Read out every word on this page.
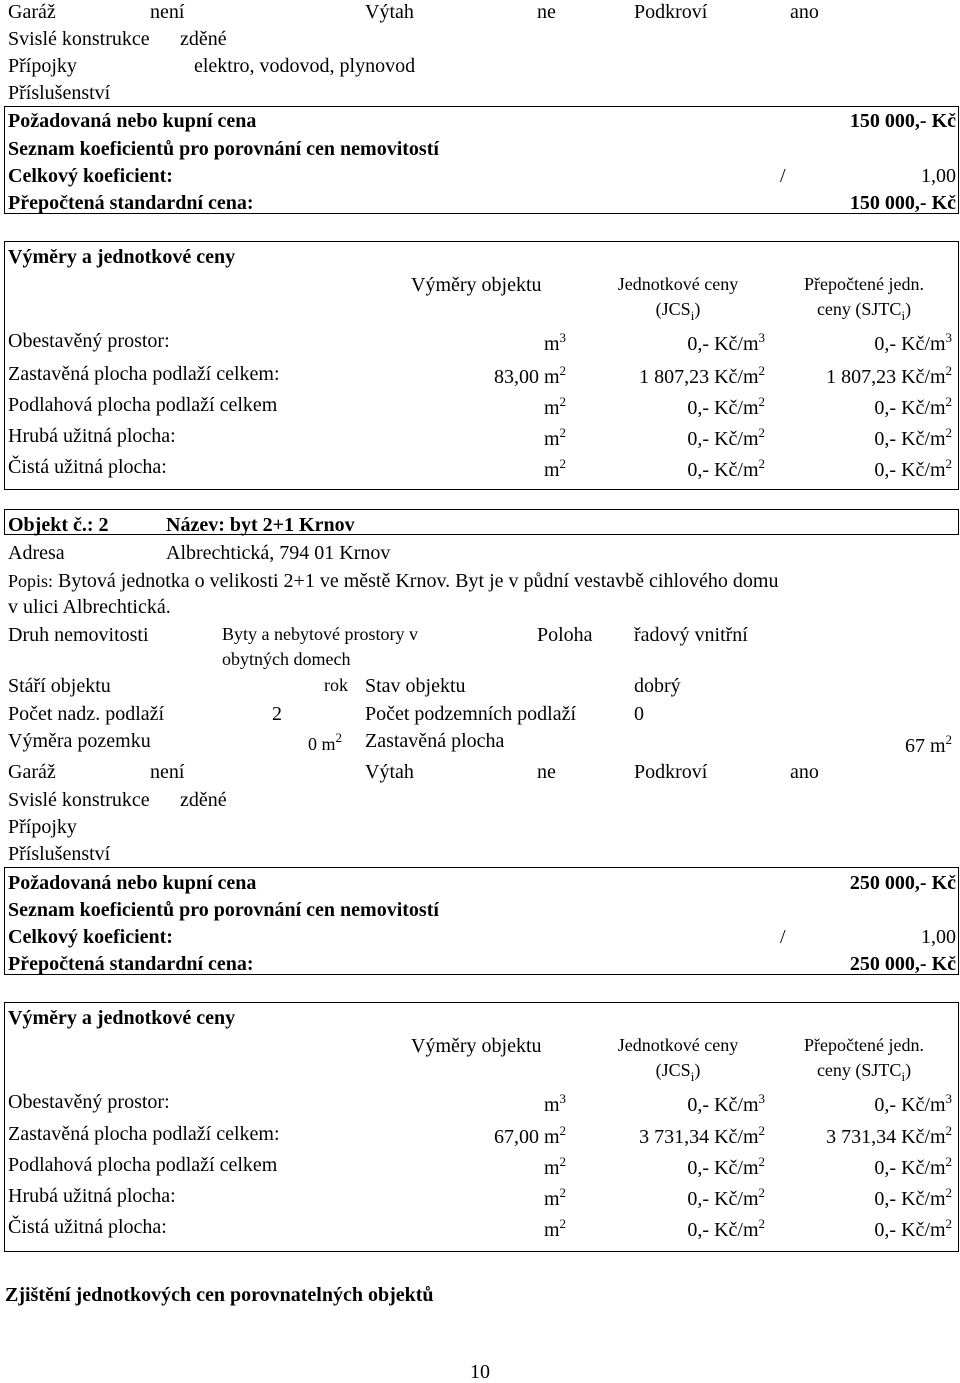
Garáž	není	Výtah	ne	Podkroví	ano
Svislé konstrukce zděné
Přípojky	elektro, vodovod, plynovod
Příslušenství
Požadovaná nebo kupní cena	150 000,- Kč
Seznam koeficientů pro porovnání cen nemovitostí
Celkový koeficient:	/	1,00
Přepočtená standardní cena:	150 000,- Kč
Výměry a jednotkové ceny
Výměry objektu	Jednotkové ceny
$(JCS_i)$
Přepočtené jedn.
ceny $(SJTC_i)$
Obestavěný prostor:	$m^3$	0,- $Kč/m^3$	0,- $Kč/m^3$
Zastavěná plocha podlaží celkem:	83,00 $m^2$	1 807,23 $Kč/m^2$	1 807,23 $Kč/m^2$
Podlahová plocha podlaží celkem	$m^2$	0,- $Kč/m^2$	0,- $Kč/m^2$
Hrubá užitná plocha:	$m^2$	0,- $Kč/m^2$	0,- $Kč/m^2$
Čistá užitná plocha:	$m^2$	0,- $Kč/m^2$	0,- $Kč/m^2$
Objekt č.: 2	Název: byt 2+1 Krnov
Adresa	Albrechtická, 794 01 Krnov
Popis: Bytová jednotka o velikosti 2+1 ve městě Krnov. Byt je v půdní vestavbě cihlového domu
v ulici Albrechtická.
Druh nemovitosti	Byty a nebytové prostory v
obytných domech
Poloha řadový vnitřní
Stáří objektu	rok Stav objektu	dobrý
Počet nadz. podlaží	2	Počet podzemních podlaží	0
Výměra pozemku	0 $m^2$ Zastavěná plocha	67 $m^2$
Garáž	není	Výtah	ne	Podkroví	ano
Svislé konstrukce zděné
Přípojky
Příslušenství
Požadovaná nebo kupní cena	250 000,- Kč
Seznam koeficientů pro porovnání cen nemovitostí
Celkový koeficient:	/	1,00
Přepočtená standardní cena:	250 000,- Kč
Výměry a jednotkové ceny
Výměry objektu	Jednotkové ceny
$(JCS_i)$
Přepočtené jedn.
ceny $(SJTC_i)$
Obestavěný prostor:	$m^3$	0,- $Kč/m^3$	0,- $Kč/m^3$
Zastavěná plocha podlaží celkem:	67,00 $m^2$	3 731,34 $Kč/m^2$	3 731,34 $Kč/m^2$
Podlahová plocha podlaží celkem	$m^2$	0,- $Kč/m^2$	0,- $Kč/m^2$
Hrubá užitná plocha:	$m^2$	0,- $Kč/m^2$	0,- $Kč/m^2$
Čistá užitná plocha:	$m^2$	0,- $Kč/m^2$	0,- $Kč/m^2$
Zjištění jednotkových cen porovnatelných objektů
10
